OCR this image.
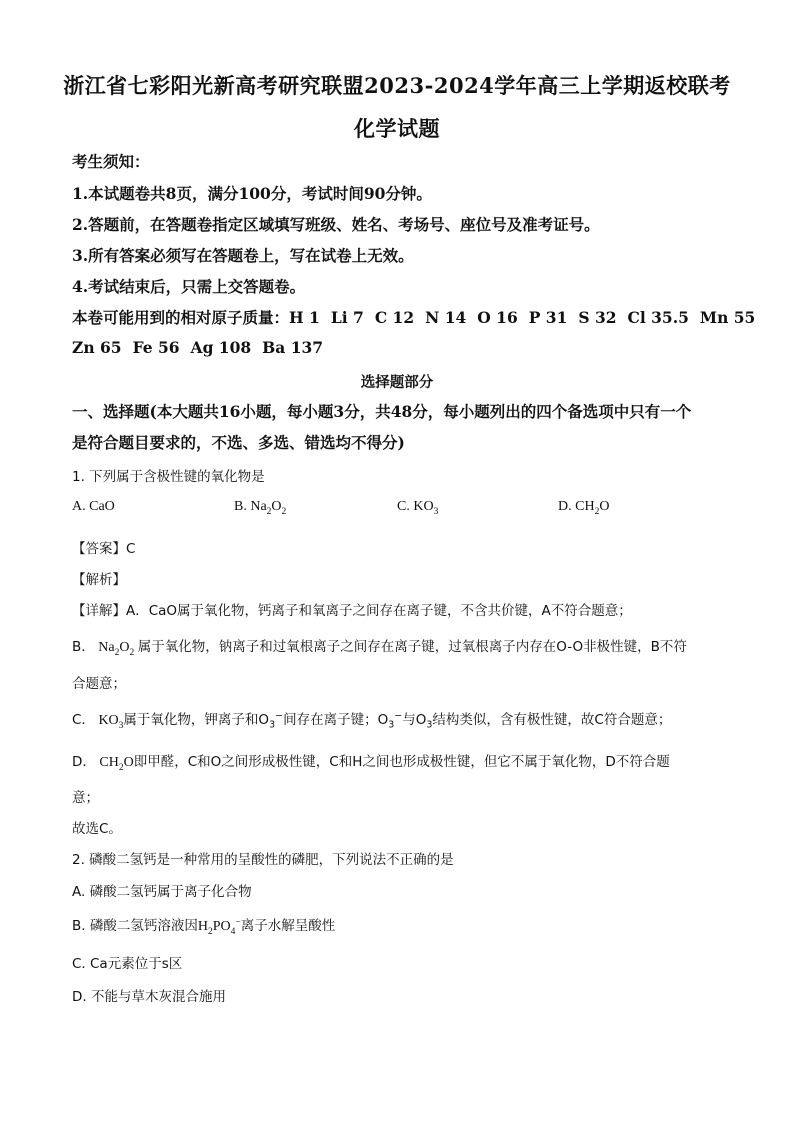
浙江省七彩阳光新高考研究联盟2023-2024学年高三上学期返校联考
化学试题
考生须知：
1.本试题卷共8页，满分100分，考试时间90分钟。
2.答题前，在答题卷指定区域填写班级、姓名、考场号、座位号及准考证号。
3.所有答案必须写在答题卷上，写在试卷上无效。
4.考试结束后，只需上交答题卷。
本卷可能用到的相对原子质量：H 1 Li 7 C 12 N 14 O 16 P 31 S 32 Cl 35.5 Mn 55
Zn 65 Fe 56 Ag 108 Ba 137
选择题部分
一、选择题(本大题共16小题，每小题3分，共48分，每小题列出的四个备选项中只有一个
是符合题目要求的，不选、多选、错选均不得分)
1. 下列属于含极性键的氧化物是
A. CaO	B. $Na_2O_2$	C. $KO_3$	D. $CH_2O$
【答案】C
【解析】
【详解】A．CaO属于氧化物，钙离子和氧离子之间存在离子键，不含共价键，A不符合题意；
B． $Na_2O_2$ 属于氧化物，钠离子和过氧根离子之间存在离子键，过氧根离子内存在O-O非极性键，B不符
合题意；
C． $KO_3$属于氧化物，钾离子和$O_3^-$间存在离子键；$O_3^-$与$O_3$结构类似，含有极性键，故C符合题意；
D． $CH_2O$即甲醛，C和O之间形成极性键，C和H之间也形成极性键，但它不属于氧化物，D不符合题
意；
故选C。
2. 磷酸二氢钙是一种常用的呈酸性的磷肥，下列说法不正确的是
A. 磷酸二氢钙属于离子化合物
B. 磷酸二氢钙溶液因$H_2PO_4^-$离子水解呈酸性
C. Ca元素位于s区
D. 不能与草木灰混合施用
